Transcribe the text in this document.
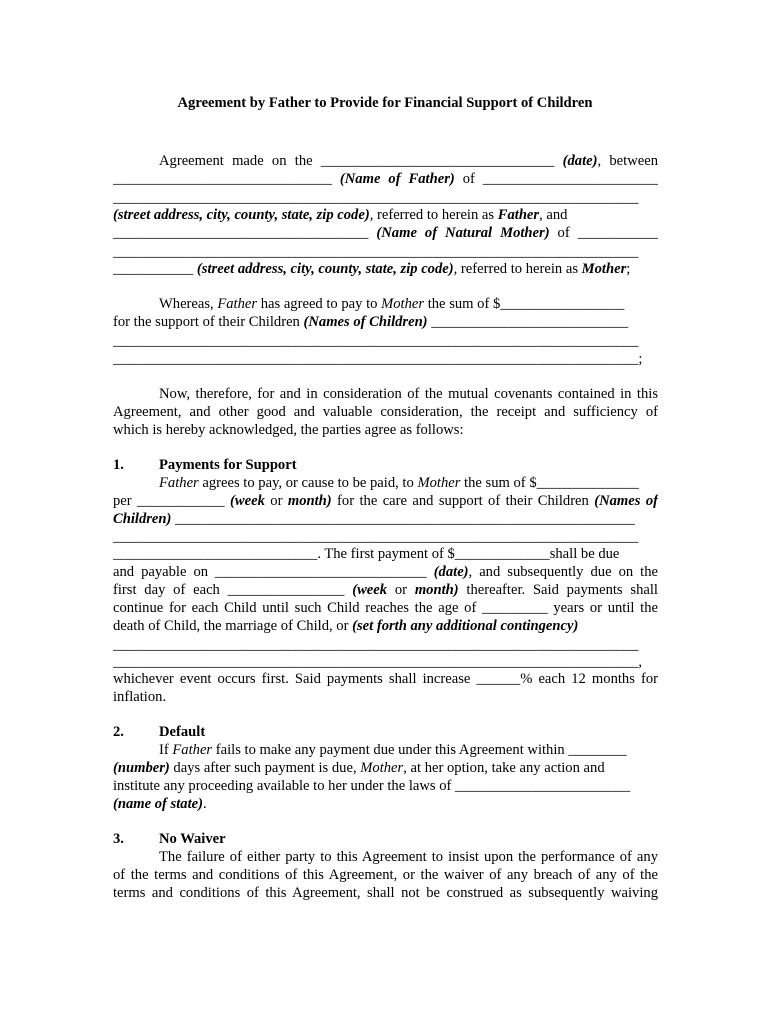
Agreement by Father to Provide for Financial Support of Children
Agreement made on the ________________________________ (date), between
______________________________ (Name of Father) of ________________________
________________________________________________________________________
(street address, city, county, state, zip code), referred to herein as Father, and
___________________________________ (Name of Natural Mother) of ___________
________________________________________________________________________
___________ (street address, city, county, state, zip code), referred to herein as Mother;
Whereas, Father has agreed to pay to Mother the sum of $_________________
for the support of their Children (Names of Children) ___________________________
________________________________________________________________________
________________________________________________________________________;
Now, therefore, for and in consideration of the mutual covenants contained in this
Agreement, and other good and valuable consideration, the receipt and sufficiency of
which is hereby acknowledged, the parties agree as follows:
1. Payments for Support
Father agrees to pay, or cause to be paid, to Mother the sum of $______________
per ____________ (week or month) for the care and support of their Children (Names of
Children) _______________________________________________________________
________________________________________________________________________
____________________________. The first payment of $_____________shall be due
and payable on _____________________________ (date), and subsequently due on the
first day of each ________________ (week or month) thereafter. Said payments shall
continue for each Child until such Child reaches the age of _________ years or until the
death of Child, the marriage of Child, or (set forth any additional contingency)
________________________________________________________________________
________________________________________________________________________,
whichever event occurs first. Said payments shall increase ______% each 12 months for
inflation.
2. Default
If Father fails to make any payment due under this Agreement within ________
(number) days after such payment is due, Mother, at her option, take any action and
institute any proceeding available to her under the laws of ________________________
(name of state).
3. No Waiver
The failure of either party to this Agreement to insist upon the performance of any
of the terms and conditions of this Agreement, or the waiver of any breach of any of the
terms and conditions of this Agreement, shall not be construed as subsequently waiving
